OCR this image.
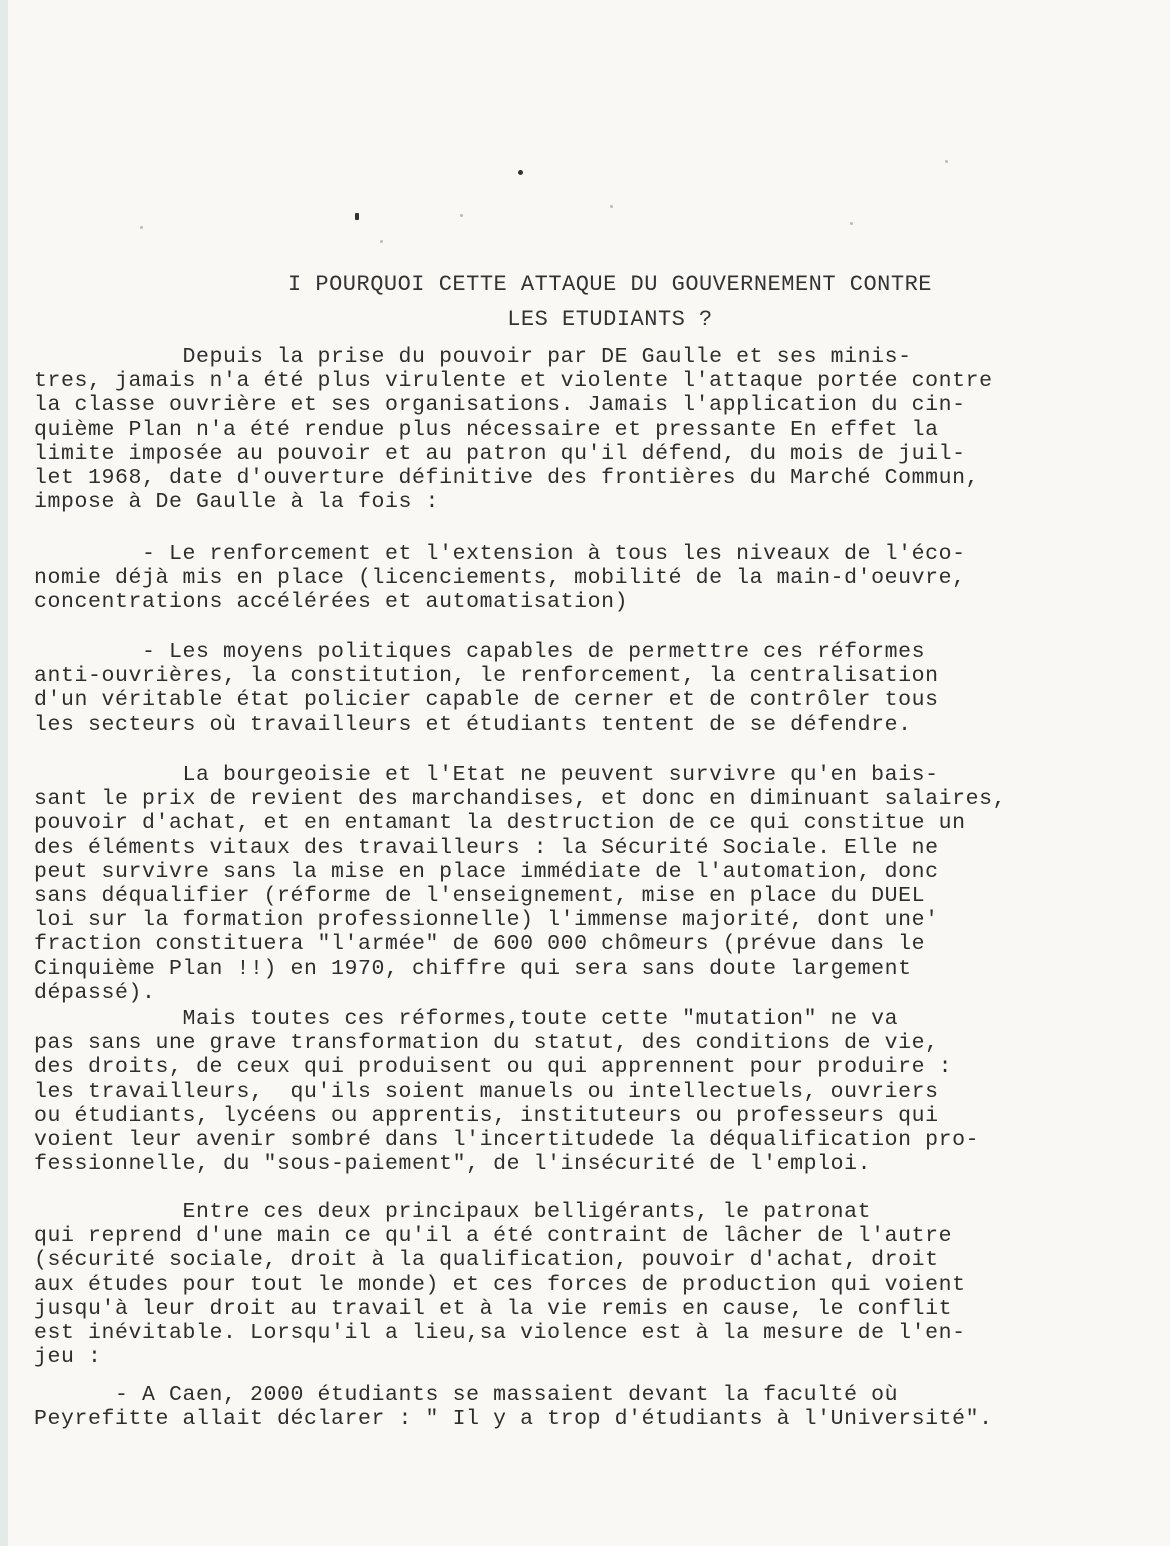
I POURQUOI CETTE ATTAQUE DU GOUVERNEMENT CONTRE
LES ETUDIANTS ?
Depuis la prise du pouvoir par DE Gaulle et ses minis-
tres, jamais n'a été plus virulente et violente l'attaque portée contre
la classe ouvrière et ses organisations. Jamais l'application du cin-
quième Plan n'a été rendue plus nécessaire et pressante En effet la
limite imposée au pouvoir et au patron qu'il défend, du mois de juil-
let 1968, date d'ouverture définitive des frontières du Marché Commun,
impose à De Gaulle à la fois :
- Le renforcement et l'extension à tous les niveaux de l'éco-
nomie déjà mis en place (licenciements, mobilité de la main-d'oeuvre,
concentrations accélérées et automatisation)
- Les moyens politiques capables de permettre ces réformes
anti-ouvrières, la constitution, le renforcement, la centralisation
d'un véritable état policier capable de cerner et de contrôler tous
les secteurs où travailleurs et étudiants tentent de se défendre.
La bourgeoisie et l'Etat ne peuvent survivre qu'en bais-
sant le prix de revient des marchandises, et donc en diminuant salaires,
pouvoir d'achat, et en entamant la destruction de ce qui constitue un
des éléments vitaux des travailleurs : la Sécurité Sociale. Elle ne
peut survivre sans la mise en place immédiate de l'automation, donc
sans déqualifier (réforme de l'enseignement, mise en place du DUEL
loi sur la formation professionnelle) l'immense majorité, dont une'
fraction constituera "l'armée" de 600 000 chômeurs (prévue dans le
Cinquième Plan !!) en 1970, chiffre qui sera sans doute largement
dépassé).
Mais toutes ces réformes,toute cette "mutation" ne va
pas sans une grave transformation du statut, des conditions de vie,
des droits, de ceux qui produisent ou qui apprennent pour produire :
les travailleurs,  qu'ils soient manuels ou intellectuels, ouvriers
ou étudiants, lycéens ou apprentis, instituteurs ou professeurs qui
voient leur avenir sombré dans l'incertitudede la déqualification pro-
fessionnelle, du "sous-paiement", de l'insécurité de l'emploi.
Entre ces deux principaux belligérants, le patronat
qui reprend d'une main ce qu'il a été contraint de lâcher de l'autre
(sécurité sociale, droit à la qualification, pouvoir d'achat, droit
aux études pour tout le monde) et ces forces de production qui voient
jusqu'à leur droit au travail et à la vie remis en cause, le conflit
est inévitable. Lorsqu'il a lieu,sa violence est à la mesure de l'en-
jeu :
- A Caen, 2000 étudiants se massaient devant la faculté où
Peyrefitte allait déclarer : " Il y a trop d'étudiants à l'Université".
